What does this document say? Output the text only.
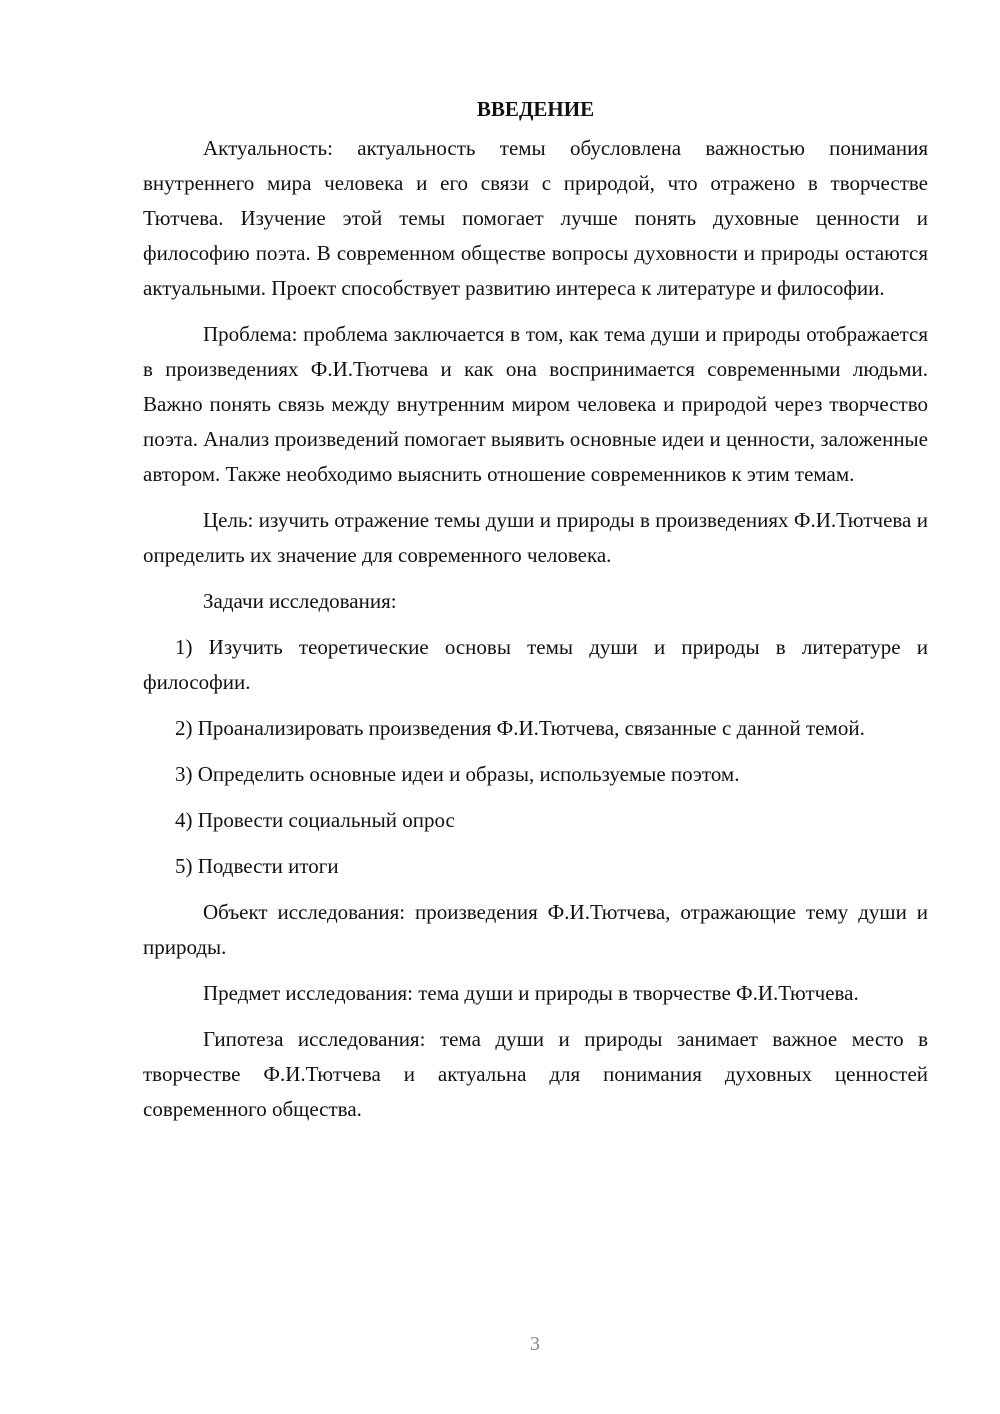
ВВЕДЕНИЕ

Актуальность: актуальность темы обусловлена важностью понимания внутреннего мира человека и его связи с природой, что отражено в творчестве Тютчева. Изучение этой темы помогает лучше понять духовные ценности и философию поэта. В современном обществе вопросы духовности и природы остаются актуальными. Проект способствует развитию интереса к литературе и философии.

Проблема: проблема заключается в том, как тема души и природы отображается в произведениях Ф.И.Тютчева и как она воспринимается современными людьми. Важно понять связь между внутренним миром человека и природой через творчество поэта. Анализ произведений помогает выявить основные идеи и ценности, заложенные автором. Также необходимо выяснить отношение современников к этим темам.

Цель: изучить отражение темы души и природы в произведениях Ф.И.Тютчева и определить их значение для современного человека.

Задачи исследования:

1) Изучить теоретические основы темы души и природы в литературе и философии.

2) Проанализировать произведения Ф.И.Тютчева, связанные с данной темой.

3) Определить основные идеи и образы, используемые поэтом.

4) Провести социальный опрос

5) Подвести итоги

Объект исследования: произведения Ф.И.Тютчева, отражающие тему души и природы.

Предмет исследования: тема души и природы в творчестве Ф.И.Тютчева.

Гипотеза исследования: тема души и природы занимает важное место в творчестве Ф.И.Тютчева и актуальна для понимания духовных ценностей современного общества.

3
